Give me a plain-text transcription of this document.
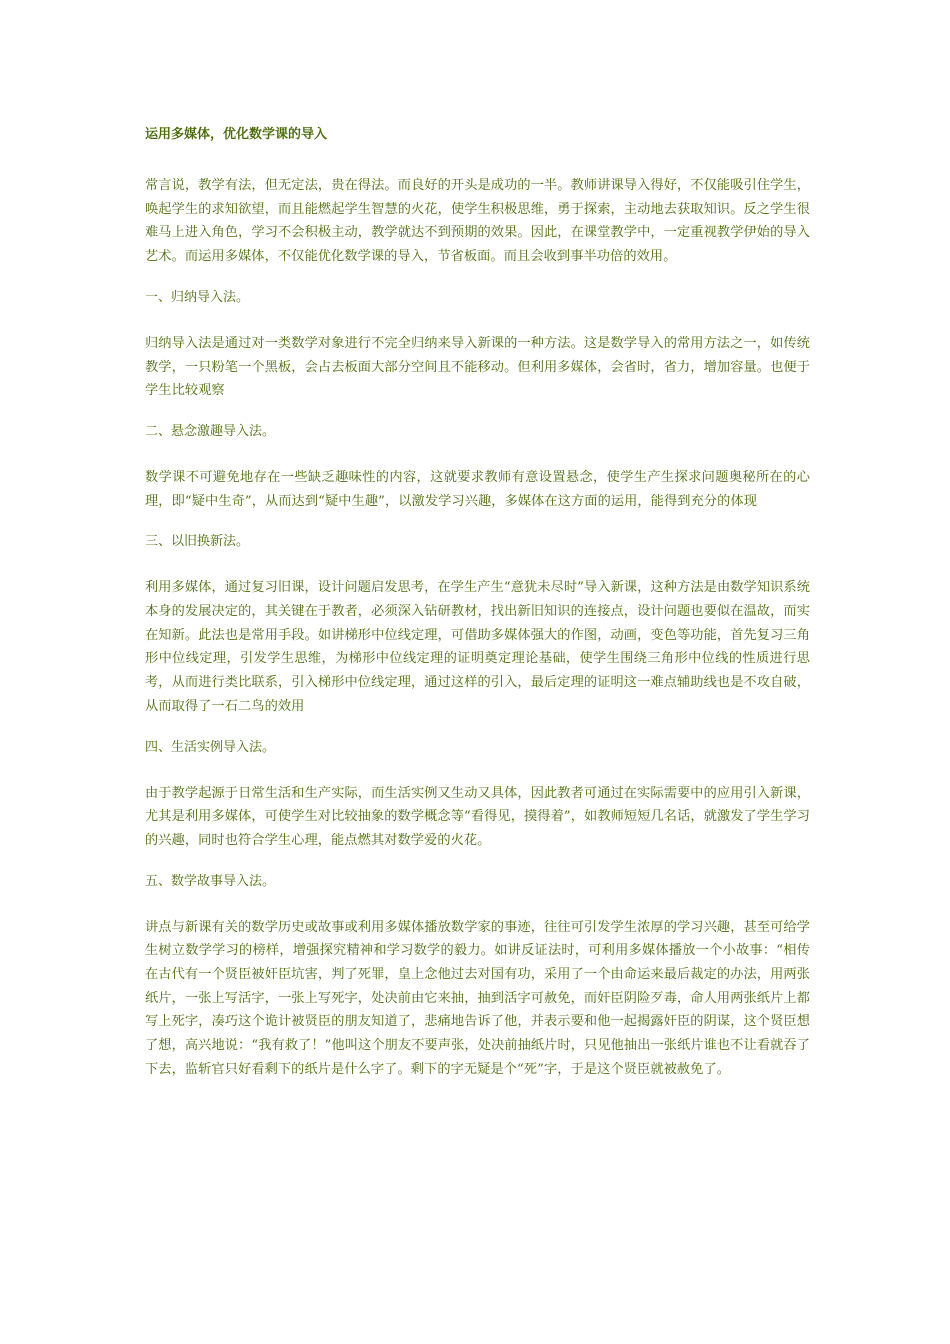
运用多媒体，优化数学课的导入

常言说，教学有法，但无定法，贵在得法。而良好的开头是成功的一半。教师讲课导入得好，不仅能吸引住学生，唤起学生的求知欲望，而且能燃起学生智慧的火花，使学生积极思维，勇于探索，主动地去获取知识。反之学生很难马上进入角色，学习不会积极主动，教学就达不到预期的效果。因此，在课堂教学中，一定重视教学伊始的导入艺术。而运用多媒体，不仅能优化数学课的导入，节省板面。而且会收到事半功倍的效用。

一、归纳导入法。

归纳导入法是通过对一类数学对象进行不完全归纳来导入新课的一种方法。这是数学导入的常用方法之一，如传统教学，一只粉笔一个黑板，会占去板面大部分空间且不能移动。但利用多媒体，会省时，省力，增加容量。也便于学生比较观察

二、悬念激趣导入法。

数学课不可避免地存在一些缺乏趣味性的内容，这就要求教师有意设置悬念，使学生产生探求问题奥秘所在的心理，即“疑中生奇”，从而达到“疑中生趣”，以激发学习兴趣，多媒体在这方面的运用，能得到充分的体现

三、以旧换新法。

利用多媒体，通过复习旧课，设计问题启发思考，在学生产生“意犹未尽时”导入新课，这种方法是由数学知识系统本身的发展决定的，其关键在于教者，必须深入钻研教材，找出新旧知识的连接点，设计问题也要似在温故，而实在知新。此法也是常用手段。如讲梯形中位线定理，可借助多媒体强大的作图，动画，变色等功能，首先复习三角形中位线定理，引发学生思维，为梯形中位线定理的证明奠定理论基础，使学生围绕三角形中位线的性质进行思考，从而进行类比联系，引入梯形中位线定理，通过这样的引入，最后定理的证明这一难点辅助线也是不攻自破，从而取得了一石二鸟的效用

四、生活实例导入法。

由于教学起源于日常生活和生产实际，而生活实例又生动又具体，因此教者可通过在实际需要中的应用引入新课，尤其是利用多媒体，可使学生对比较抽象的数学概念等“看得见，摸得着”，如教师短短几名话，就激发了学生学习的兴趣，同时也符合学生心理，能点燃其对数学爱的火花。

五、数学故事导入法。

讲点与新课有关的数学历史或故事或利用多媒体播放数学家的事迹，往往可引发学生浓厚的学习兴趣，甚至可给学生树立数学学习的榜样，增强探究精神和学习数学的毅力。如讲反证法时，可利用多媒体播放一个小故事：“相传在古代有一个贤臣被奸臣坑害，判了死罪，皇上念他过去对国有功，采用了一个由命运来最后裁定的办法，用两张纸片，一张上写活字，一张上写死字，处决前由它来抽，抽到活字可赦免，而奸臣阴险歹毒，命人用两张纸片上都写上死字，凑巧这个诡计被贤臣的朋友知道了，悲痛地告诉了他，并表示要和他一起揭露奸臣的阴谋，这个贤臣想了想，高兴地说：“我有救了！”他叫这个朋友不要声张，处决前抽纸片时，只见他抽出一张纸片谁也不让看就吞了下去，监斩官只好看剩下的纸片是什么字了。剩下的字无疑是个“死”字，于是这个贤臣就被赦免了。
